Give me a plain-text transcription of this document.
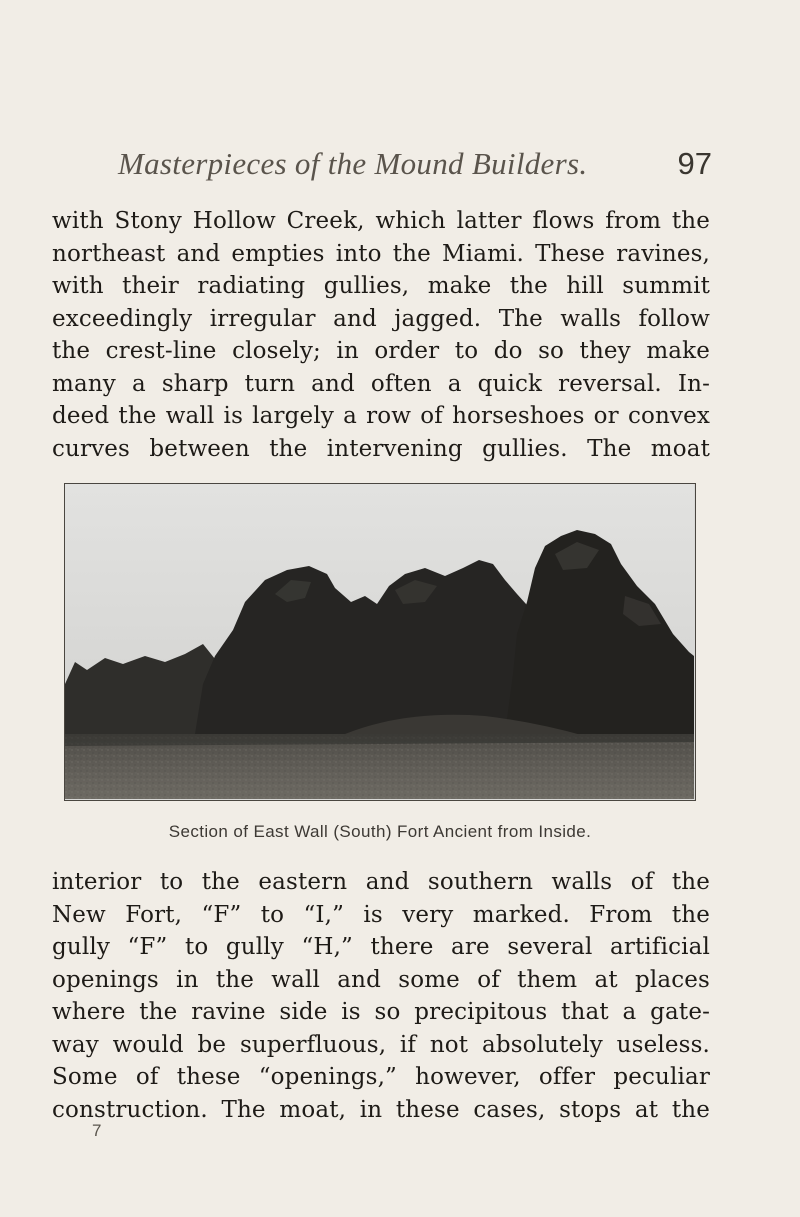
Masterpieces of the Mound Builders.	97
with Stony Hollow Creek, which latter flows from the
northeast and empties into the Miami. These ravines,
with their radiating gullies, make the hill summit
exceedingly irregular and jagged. The walls follow
the crest-line closely; in order to do so they make
many a sharp turn and often a quick reversal. In-
deed the wall is largely a row of horseshoes or convex
curves between the intervening gullies. The moat
Section of East Wall (South) Fort Ancient from Inside.
interior to the eastern and southern walls of the
New Fort, “F” to “I,” is very marked. From the
gully “F” to gully “H,” there are several artificial
openings in the wall and some of them at places
where the ravine side is so precipitous that a gate-
way would be superfluous, if not absolutely useless.
Some of these “openings,” however, offer peculiar
construction. The moat, in these cases, stops at the
7
